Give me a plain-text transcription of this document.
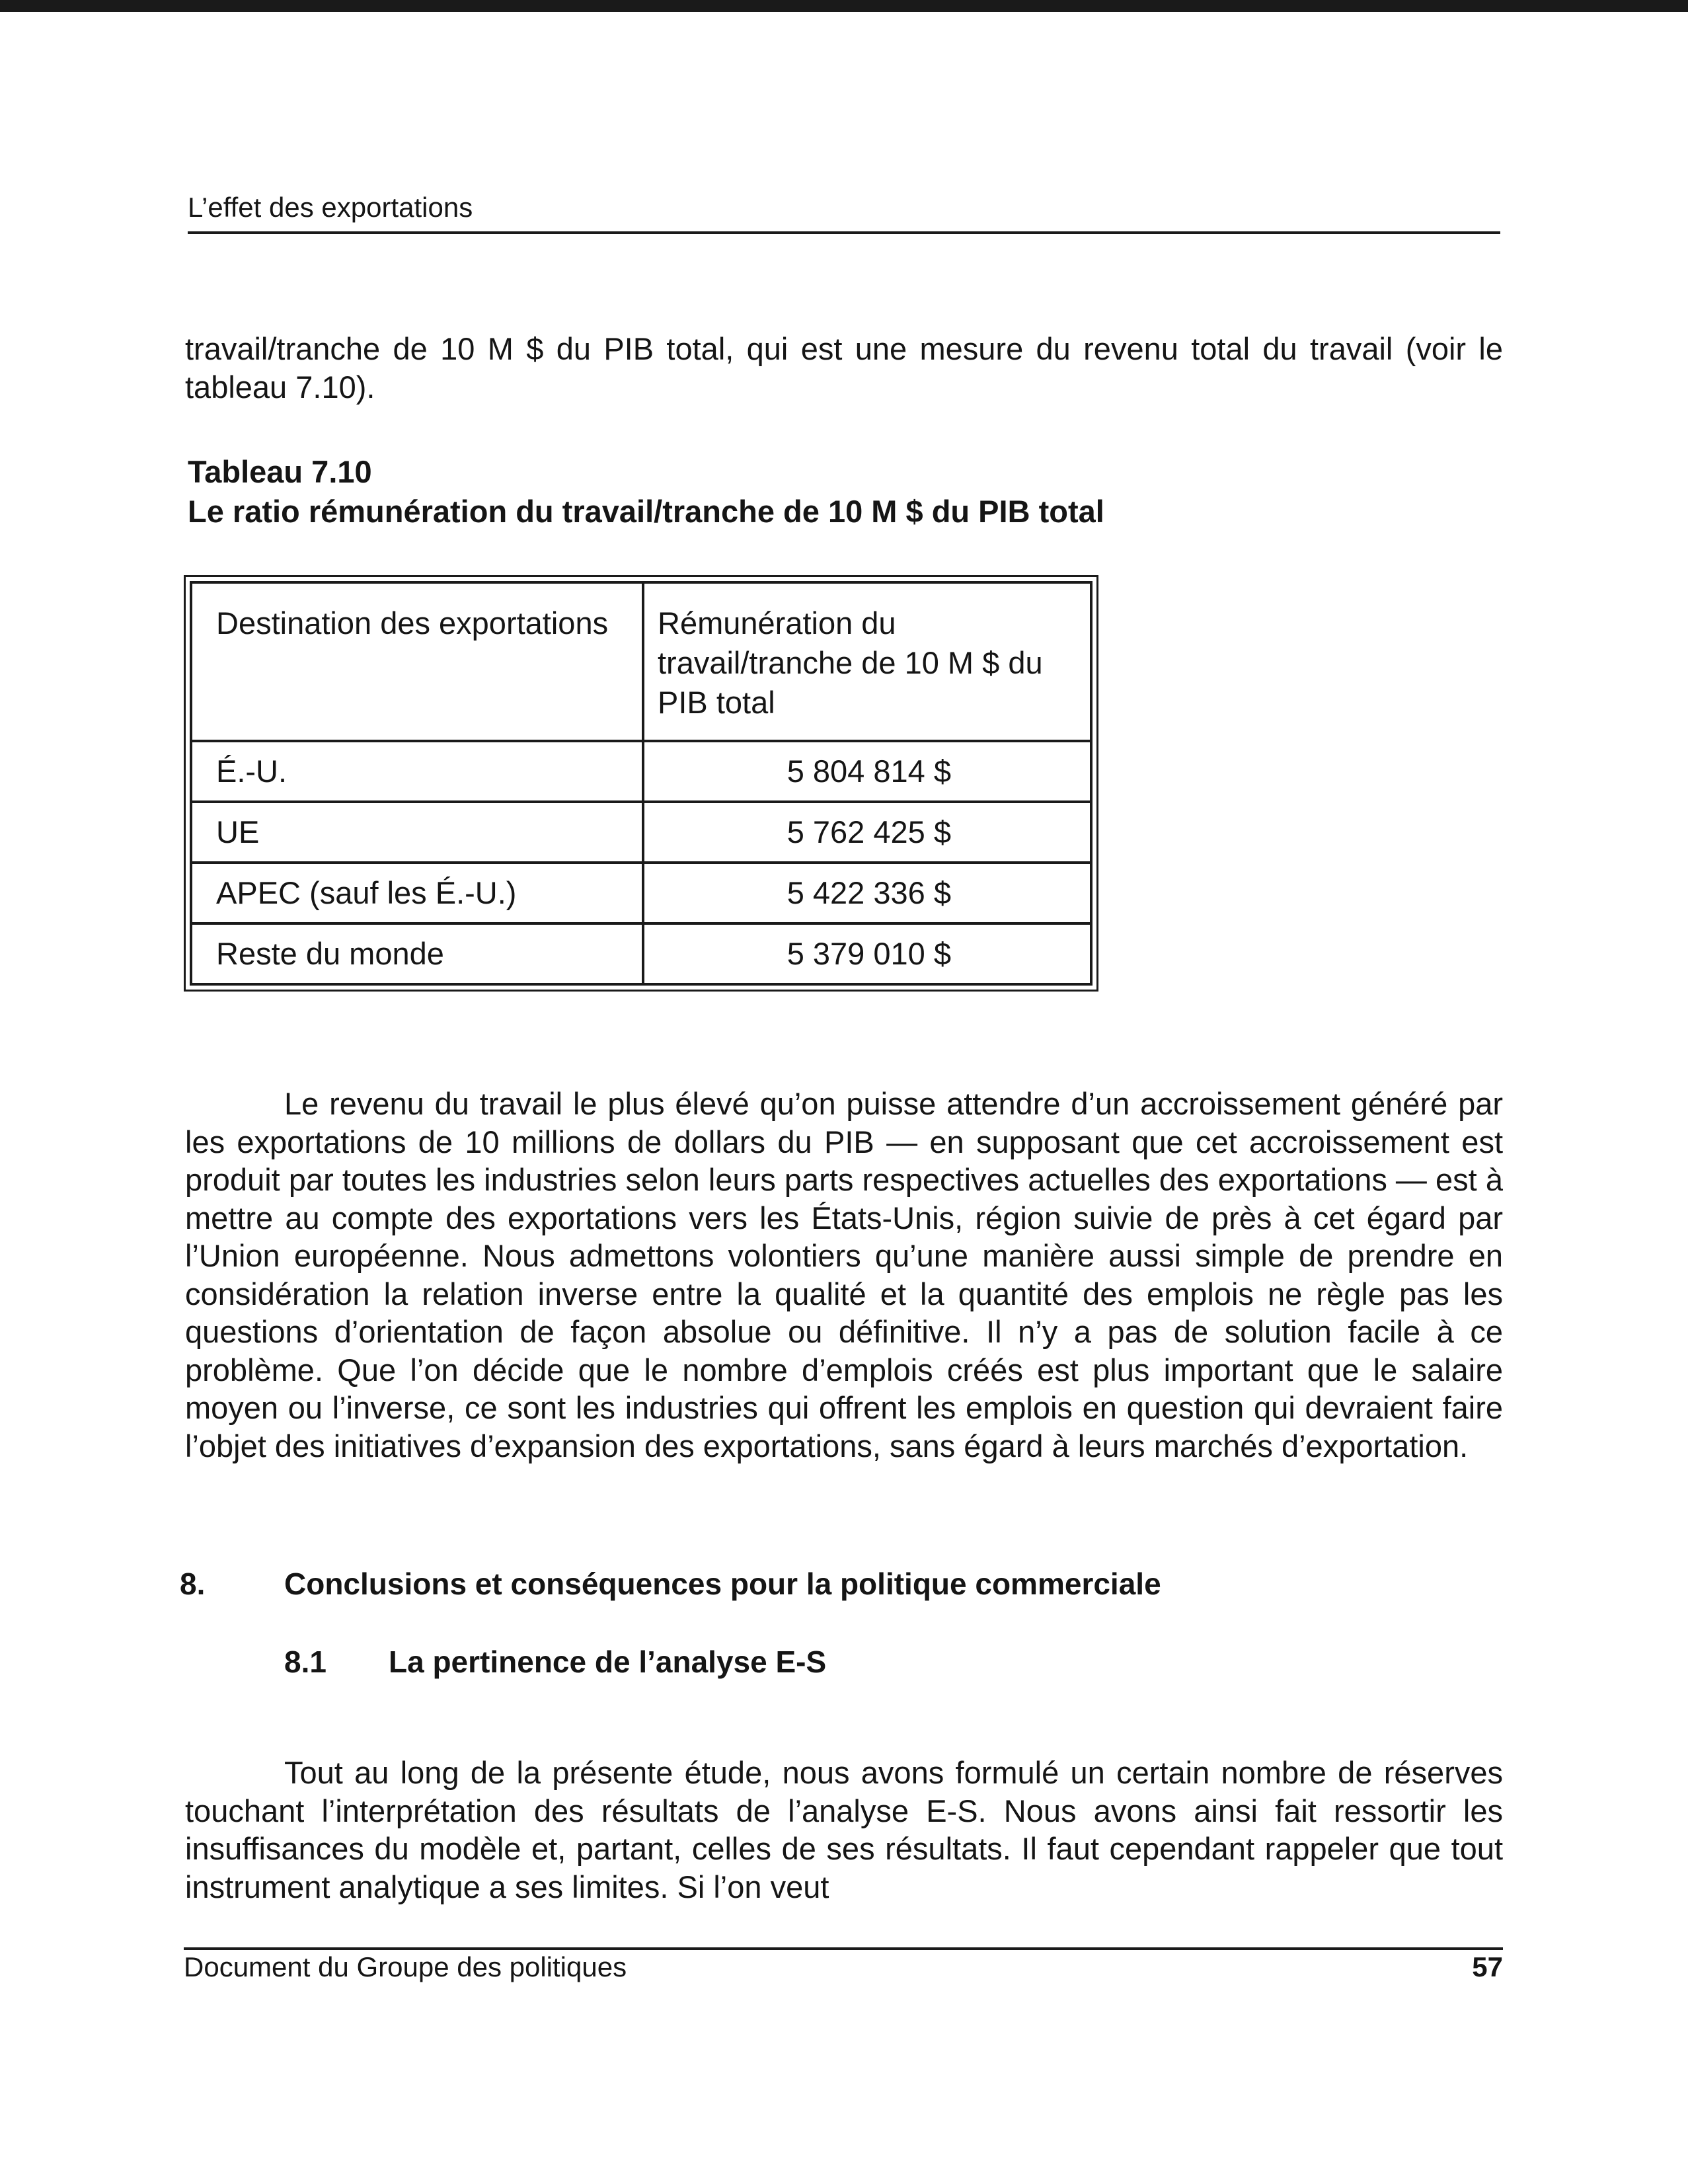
L’effet des exportations

travail/tranche de 10 M $ du PIB total, qui est une mesure du revenu total du travail (voir le tableau 7.10).

Tableau 7.10
Le ratio rémunération du travail/tranche de 10 M $ du PIB total
Destination des exportations	Rémunération du travail/tranche de 10 M $ du PIB total
É.-U.	5 804 814 $
UE	5 762 425 $
APEC (sauf les É.-U.)	5 422 336 $
Reste du monde	5 379 010 $

Le revenu du travail le plus élevé qu’on puisse attendre d’un accroissement généré par les exportations de 10 millions de dollars du PIB — en supposant que cet accroissement est produit par toutes les industries selon leurs parts respectives actuelles des exportations — est à mettre au compte des exportations vers les États-Unis, région suivie de près à cet égard par l’Union européenne. Nous admettons volontiers qu’une manière aussi simple de prendre en considération la relation inverse entre la qualité et la quantité des emplois ne règle pas les questions d’orientation de façon absolue ou définitive. Il n’y a pas de solution facile à ce problème. Que l’on décide que le nombre d’emplois créés est plus important que le salaire moyen ou l’inverse, ce sont les industries qui offrent les emplois en question qui devraient faire l’objet des initiatives d’expansion des exportations, sans égard à leurs marchés d’exportation.

8.	Conclusions et conséquences pour la politique commerciale
8.1 La pertinence de l’analyse E-S

Tout au long de la présente étude, nous avons formulé un certain nombre de réserves touchant l’interprétation des résultats de l’analyse E-S. Nous avons ainsi fait ressortir les insuffisances du modèle et, partant, celles de ses résultats. Il faut cependant rappeler que tout instrument analytique a ses limites. Si l’on veut

Document du Groupe des politiques	57
